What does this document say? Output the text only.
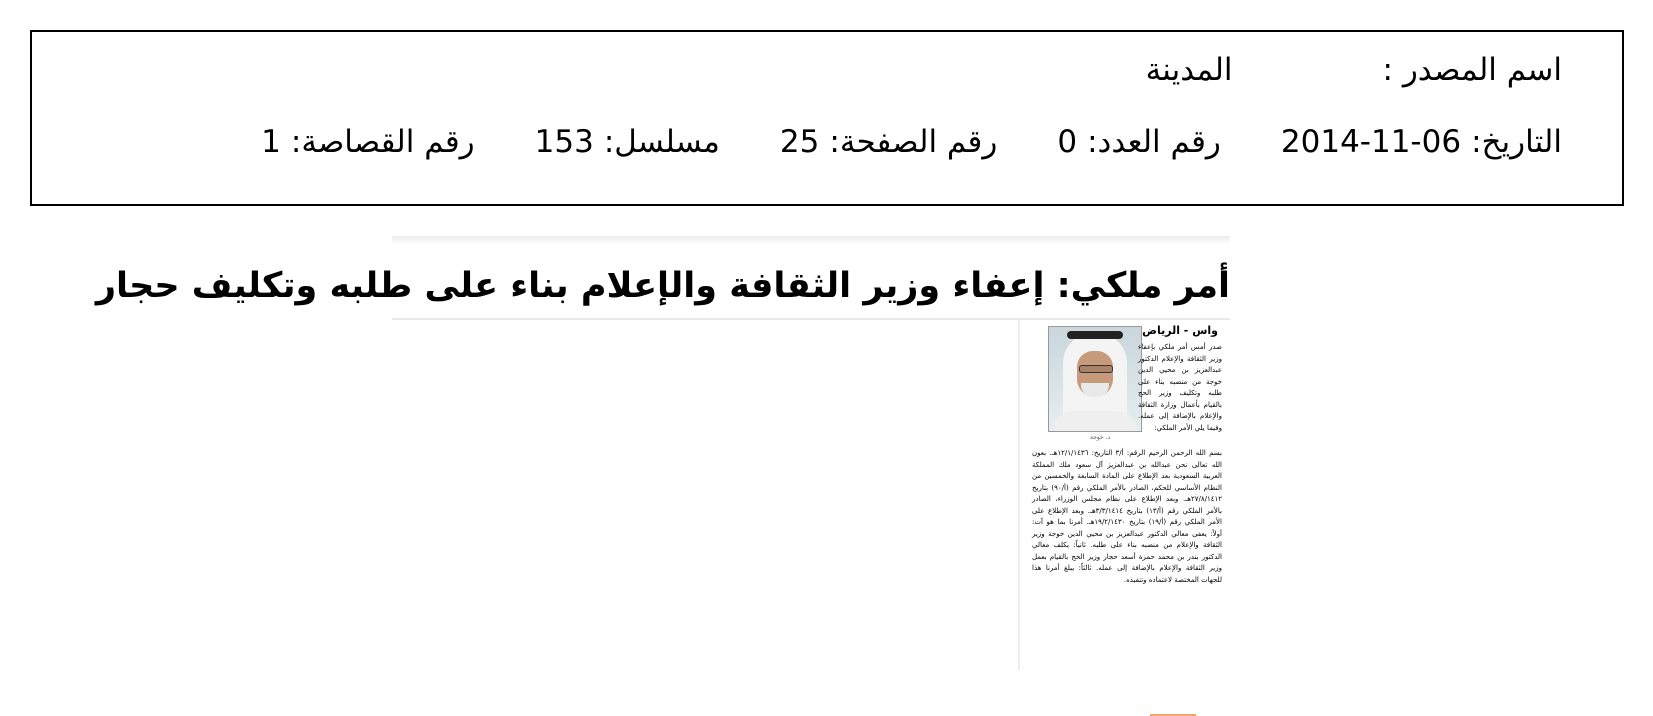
اسم المصدر :
المدينة
التاريخ:
2014-11-06
رقم العدد:
0
رقم الصفحة:
25
مسلسل:
153
رقم القصاصة:
1
أمر ملكي: إعفاء وزير الثقافة والإعلام بناء على طلبه وتكليف حجار
واس - الرياض
د. خوجة
صدر أمس أمر ملكي بإعفاء وزير الثقافة والإعلام الدكتور عبدالعزيز بن محيي الدين خوجة من منصبه بناء على طلبه وتكليف وزير الحج بالقيام بأعمال وزارة الثقافة والإعلام بالإضافة إلى عمله. وفيما يلي الأمر الملكي:
بسم الله الرحمن الرحيم الرقم: أ/٣ التاريخ: ١٢/١/١٤٣٦هـ. بعون الله تعالى نحن عبدالله بن عبدالعزيز آل سعود ملك المملكة العربية السعودية بعد الإطلاع على المادة السابعة والخمسين من النظام الأساسي للحكم، الصادر بالأمر الملكي رقم (أ/٩٠) بتاريخ ٢٧/٨/١٤١٢هـ. وبعد الإطلاع على نظام مجلس الوزراء، الصادر بالأمر الملكي رقم (أ/١٣) بتاريخ ٣/٣/١٤١٤هـ. وبعد الإطلاع على الأمر الملكي رقم (أ/١٩) بتاريخ ١٩/٢/١٤٣٠هـ. أمرنا بما هو آت: أولاً: يعفى معالي الدكتور عبدالعزيز بن محيي الدين خوجة وزير الثقافة والإعلام من منصبه بناء على طلبه. ثانياً: يكلف معالي الدكتور بندر بن محمد حمزة أسعد حجار وزير الحج بالقيام بعمل وزير الثقافة والإعلام بالإضافة إلى عمله. ثالثاً: يبلغ أمرنا هذا للجهات المختصة لاعتماده وتنفيذه.
